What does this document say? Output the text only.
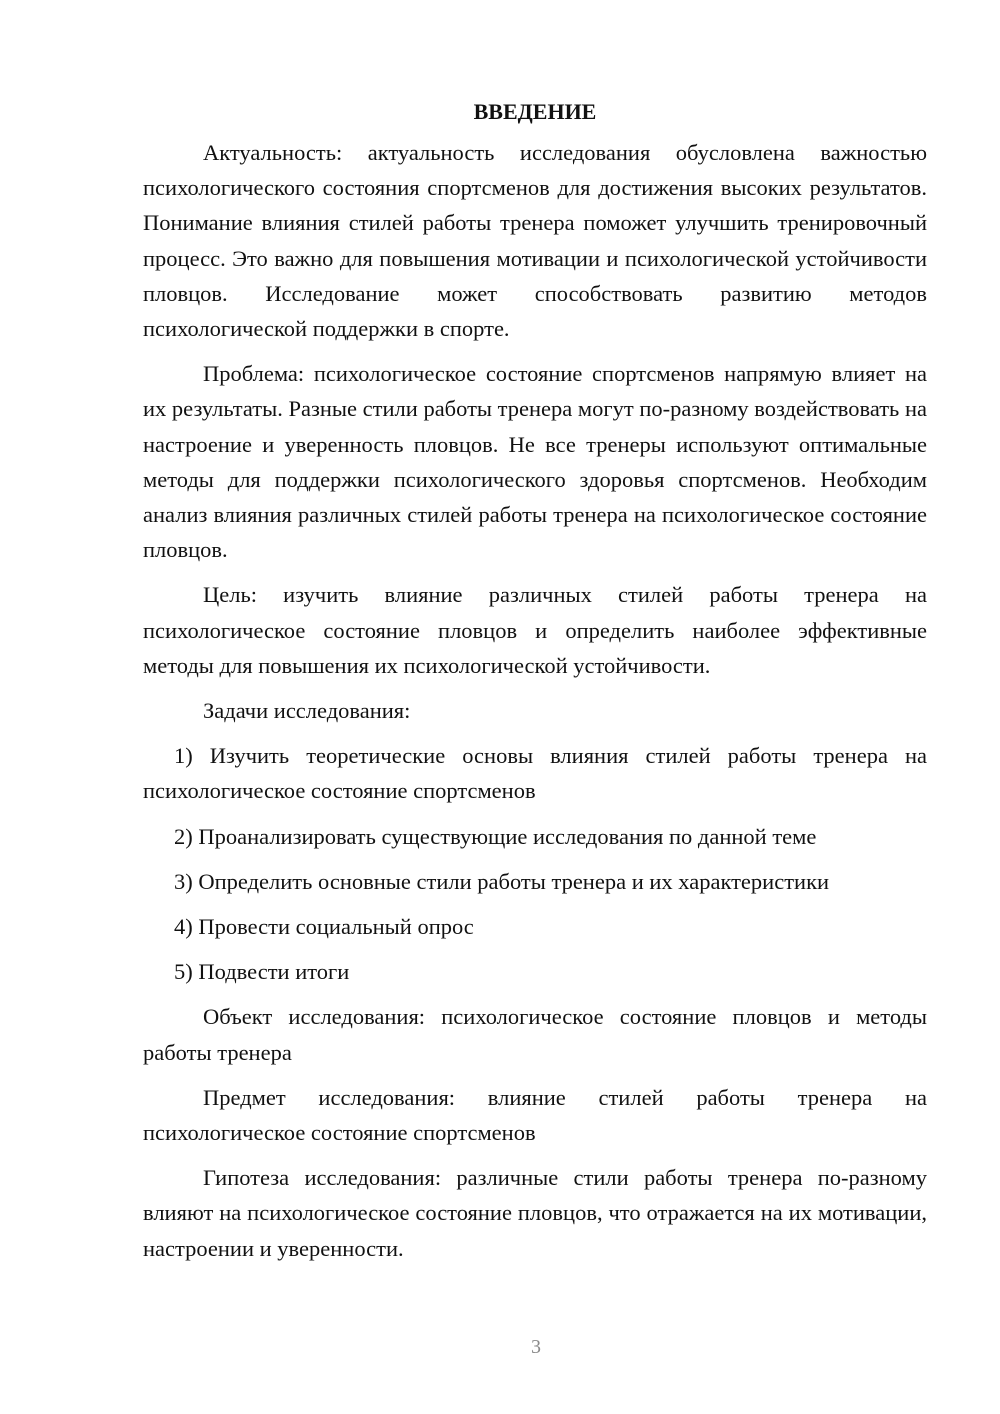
ВВЕДЕНИЕ

Актуальность: актуальность исследования обусловлена важностью психологического состояния спортсменов для достижения высоких результатов. Понимание влияния стилей работы тренера поможет улучшить тренировочный процесс. Это важно для повышения мотивации и психологической устойчивости пловцов. Исследование может способствовать развитию методов психологической поддержки в спорте.

Проблема: психологическое состояние спортсменов напрямую влияет на их результаты. Разные стили работы тренера могут по-разному воздействовать на настроение и уверенность пловцов. Не все тренеры используют оптимальные методы для поддержки психологического здоровья спортсменов. Необходим анализ влияния различных стилей работы тренера на психологическое состояние пловцов.

Цель: изучить влияние различных стилей работы тренера на психологическое состояние пловцов и определить наиболее эффективные методы для повышения их психологической устойчивости.

Задачи исследования:

1) Изучить теоретические основы влияния стилей работы тренера на психологическое состояние спортсменов

2) Проанализировать существующие исследования по данной теме

3) Определить основные стили работы тренера и их характеристики

4) Провести социальный опрос

5) Подвести итоги

Объект исследования: психологическое состояние пловцов и методы работы тренера

Предмет исследования: влияние стилей работы тренера на психологическое состояние спортсменов

Гипотеза исследования: различные стили работы тренера по-разному влияют на психологическое состояние пловцов, что отражается на их мотивации, настроении и уверенности.

3
